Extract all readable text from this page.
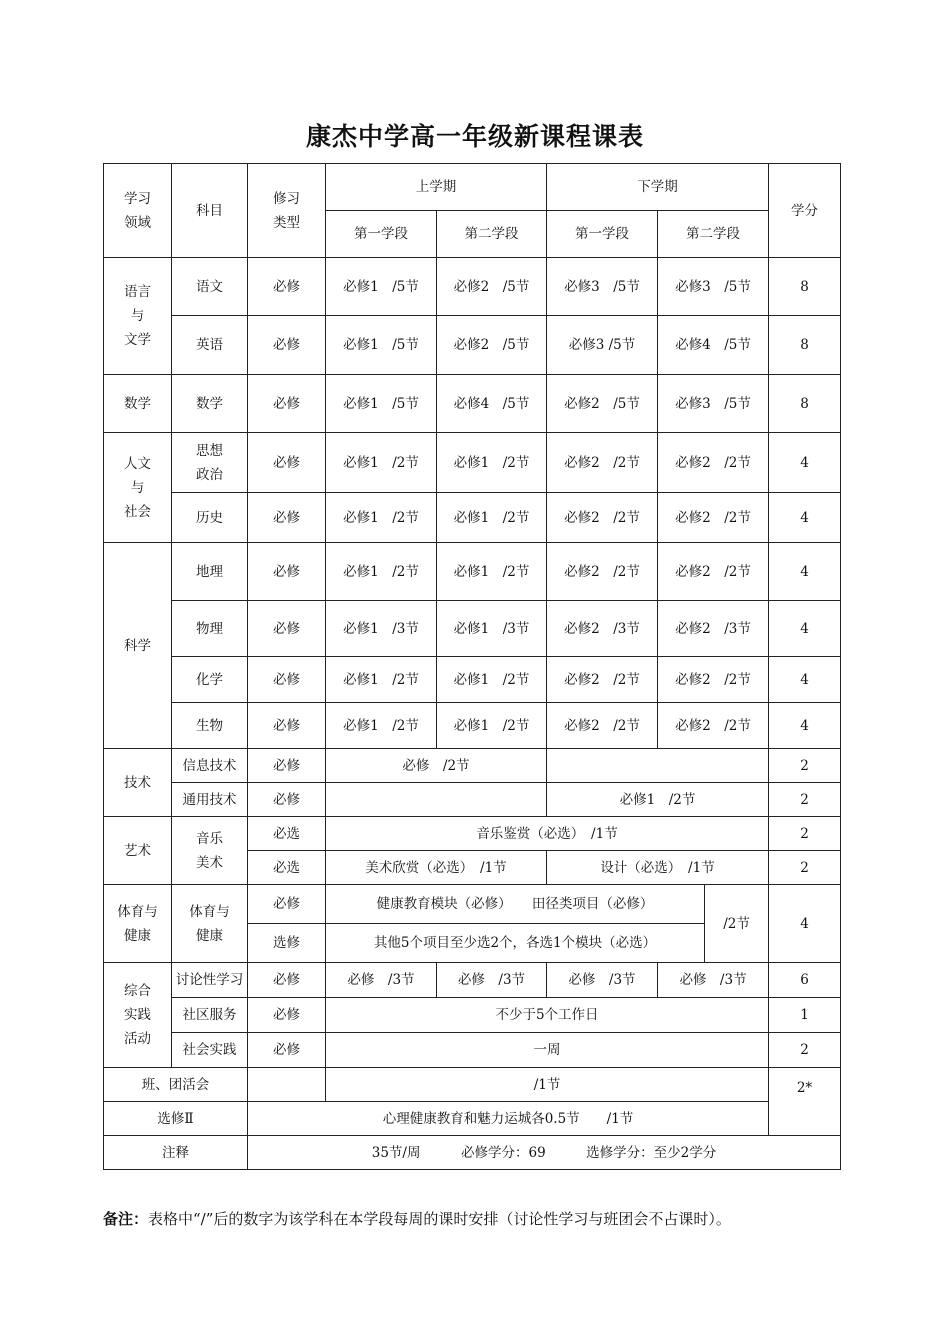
康杰中学高一年级新课程课表
学习
领域	科目	修习
类型	上学期		下学期			学分
			第一学段	第二学段	第一学段	第二学段		
语言
与
文学	语文	必修	必修1　/5节	必修2　/5节	必修3　/5节	必修3　/5节		8
	英语	必修	必修1　/5节	必修2　/5节	必修3 /5节	必修4　/5节		8
数学	数学	必修	必修1　/5节	必修4　/5节	必修2　/5节	必修3　/5节		8
人文
与
社会	思想
政治	必修	必修1　/2节	必修1　/2节	必修2　/2节	必修2　/2节		4
	历史	必修	必修1　/2节	必修1　/2节	必修2　/2节	必修2　/2节		4
科学	地理	必修	必修1　/2节	必修1　/2节	必修2　/2节	必修2　/2节		4
	物理	必修	必修1　/3节	必修1　/3节	必修2　/3节	必修2　/3节		4
	化学	必修	必修1　/2节	必修1　/2节	必修2　/2节	必修2　/2节		4
	生物	必修	必修1　/2节	必修1　/2节	必修2　/2节	必修2　/2节		4
技术	信息技术	必修	必修　/2节					2
	通用技术	必修			必修1　/2节			2
艺术	音乐
美术	必选	音乐鉴赏（必选）　/1节					2
		必选	美术欣赏（必选）　/1节		设计（必选）　/1节			2
体育与
健康	体育与
健康	必修	健康教育模块（必修）　　田径类项目（必修）				/2节	4
		选修	其他5个项目至少选2个，各选1个模块（必选）					
综合
实践
活动	讨论性学习	必修	必修　/3节	必修　/3节	必修　/3节	必修　/3节		6
	社区服务	必修	不少于5个工作日					1
	社会实践	必修	一周					2
班、团活会			/1节					2*
选修Ⅱ		心理健康教育和魅力运城各0.5节　　/1节						
注释		35节/周　　　必修学分：69　　　选修学分：至少2学分						
备注：表格中“/”后的数字为该学科在本学段每周的课时安排（讨论性学习与班团会不占课时）。
